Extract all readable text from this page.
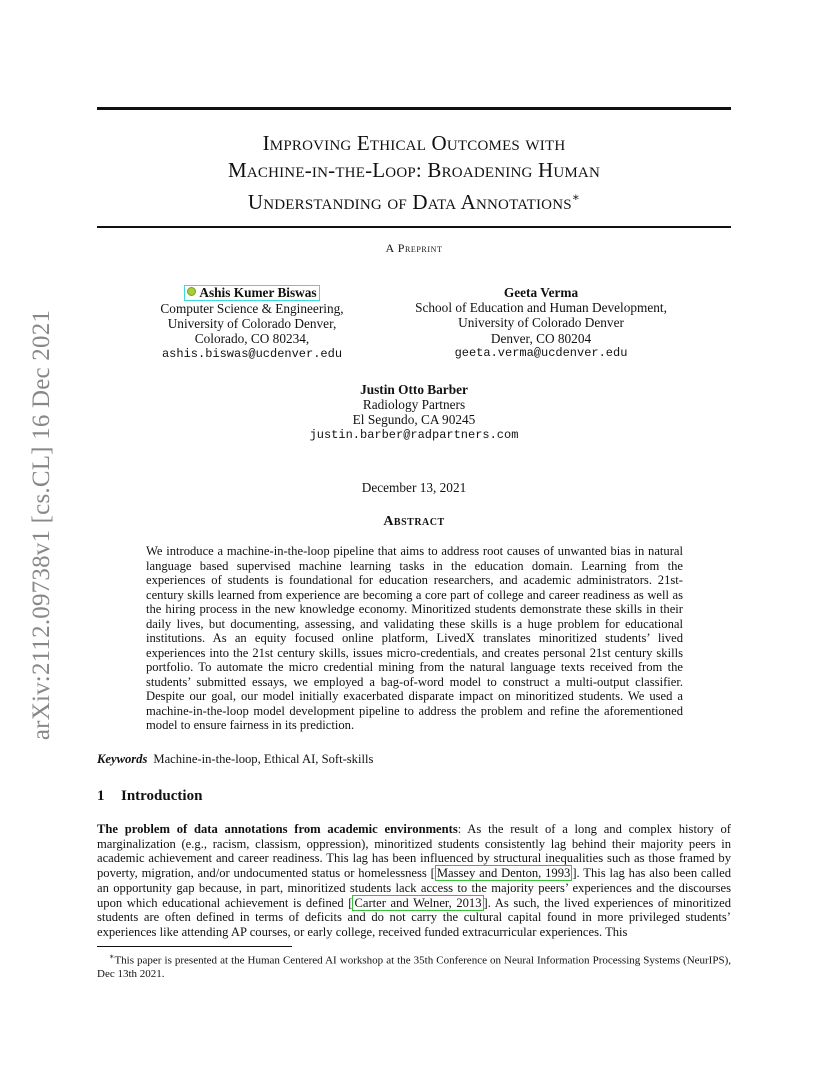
arXiv:2112.09738v1 [cs.CL] 16 Dec 2021
Improving Ethical Outcomes with
Machine-in-the-Loop: Broadening Human
Understanding of Data Annotations∗
A Preprint
Ashis Kumer Biswas
Computer Science & Engineering,
University of Colorado Denver,
Colorado, CO 80234,
ashis.biswas@ucdenver.edu
Geeta Verma
School of Education and Human Development,
University of Colorado Denver
Denver, CO 80204
geeta.verma@ucdenver.edu
Justin Otto Barber
Radiology Partners
El Segundo, CA 90245
justin.barber@radpartners.com
December 13, 2021
Abstract
We introduce a machine-in-the-loop pipeline that aims to address root causes of unwanted bias in natural language based supervised machine learning tasks in the education domain. Learning from the experiences of students is foundational for education researchers, and academic administrators. 21st-century skills learned from experience are becoming a core part of college and career readiness as well as the hiring process in the new knowledge economy. Minoritized students demonstrate these skills in their daily lives, but documenting, assessing, and validating these skills is a huge problem for educational institutions. As an equity focused online platform, LivedX translates minoritized students’ lived experiences into the 21st century skills, issues micro-credentials, and creates personal 21st century skills portfolio. To automate the micro credential mining from the natural language texts received from the students’ submitted essays, we employed a bag-of-word model to construct a multi-output classifier. Despite our goal, our model initially exacerbated disparate impact on minoritized students. We used a machine-in-the-loop model development pipeline to address the problem and refine the aforementioned model to ensure fairness in its prediction.
Keywords Machine-in-the-loop, Ethical AI, Soft-skills
1 Introduction
The problem of data annotations from academic environments: As the result of a long and complex history of marginalization (e.g., racism, classism, oppression), minoritized students consistently lag behind their majority peers in academic achievement and career readiness. This lag has been influenced by structural inequalities such as those framed by poverty, migration, and/or undocumented status or homelessness [ Massey and Denton, 1993 ]. This lag has also been called an opportunity gap because, in part, minoritized students lack access to the majority peers’ experiences and the discourses upon which educational achievement is defined [ Carter and Welner, 2013 ]. As such, the lived experiences of minoritized students are often defined in terms of deficits and do not carry the cultural capital found in more privileged students’ experiences like attending AP courses, or early college, received funded extracurricular experiences. This
∗This paper is presented at the Human Centered AI workshop at the 35th Conference on Neural Information Processing Systems (NeurIPS), Dec 13th 2021.
